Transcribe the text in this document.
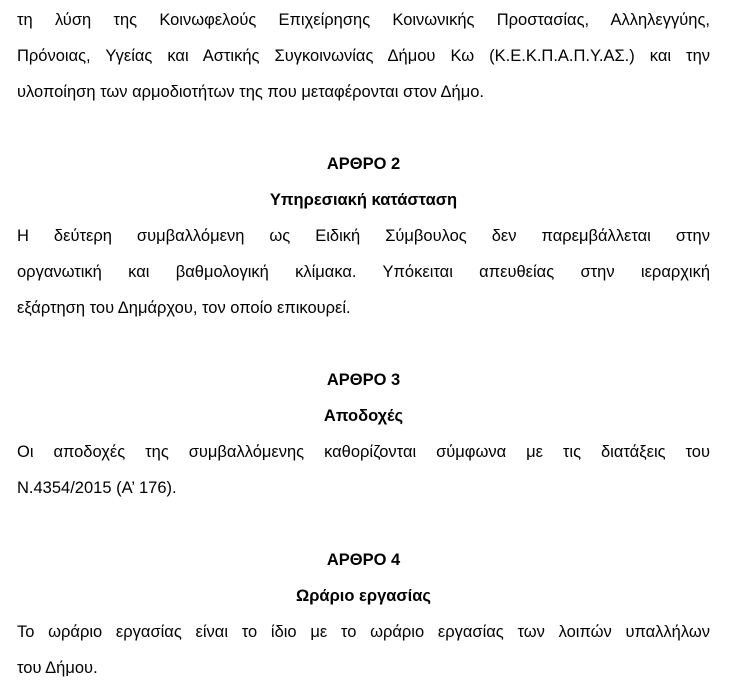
τη λύση της Κοινωφελούς Επιχείρησης Κοινωνικής Προστασίας, Αλληλεγγύης,
Πρόνοιας, Υγείας και Αστικής Συγκοινωνίας Δήμου Κω (Κ.Ε.Κ.Π.Α.Π.Υ.ΑΣ.) και την
υλοποίηση των αρμοδιοτήτων της που μεταφέρονται στον Δήμο.
ΑΡΘΡΟ 2
Υπηρεσιακή κατάσταση
Η δεύτερη συμβαλλόμενη ως Ειδική Σύμβουλος δεν παρεμβάλλεται στην
οργανωτική και βαθμολογική κλίμακα. Υπόκειται απευθείας στην ιεραρχική
εξάρτηση του Δημάρχου, τον οποίο επικουρεί.
ΑΡΘΡΟ 3
Αποδοχές
Οι αποδοχές της συμβαλλόμενης καθορίζονται σύμφωνα με τις διατάξεις του
Ν.4354/2015 (Α’ 176).
ΑΡΘΡΟ 4
Ωράριο εργασίας
Το ωράριο εργασίας είναι το ίδιο με το ωράριο εργασίας των λοιπών υπαλλήλων
του Δήμου.
